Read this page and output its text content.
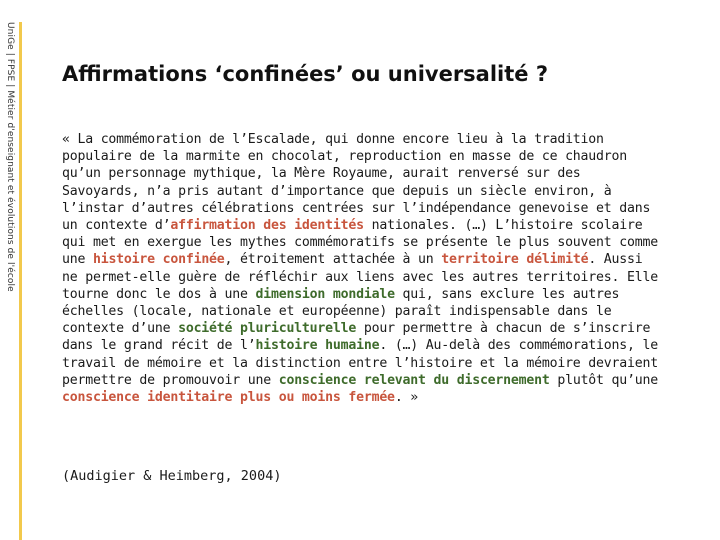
UniGe | FPSE | Métier d'enseignant et évolutions de l'école Affirmations ‘confinées’ ou universalité ?

« La commémoration de l’Escalade, qui donne encore lieu à la tradition populaire de la marmite en chocolat, reproduction en masse de ce chaudron qu’un personnage mythique, la Mère Royaume, aurait renversé sur des Savoyards, n’a pris autant d’importance que depuis un siècle environ, à l’instar d’autres célébrations centrées sur l’indépendance genevoise et dans un contexte d’affirmation des identités nationales. (…) L’histoire scolaire qui met en exergue les mythes commémoratifs se présente le plus souvent comme une histoire confinée, étroitement attachée à un territoire délimité. Aussi ne permet-elle guère de réfléchir aux liens avec les autres territoires. Elle tourne donc le dos à une dimension mondiale qui, sans exclure les autres échelles (locale, nationale et européenne) paraît indispensable dans le contexte d’une société pluriculturelle pour permettre à chacun de s’inscrire dans le grand récit de l’histoire humaine. (…) Au-delà des commémorations, le travail de mémoire et la distinction entre l’histoire et la mémoire devraient permettre de promouvoir une conscience relevant du discernement plutôt qu’une conscience identitaire plus ou moins fermée. »

(Audigier & Heimberg, 2004)
